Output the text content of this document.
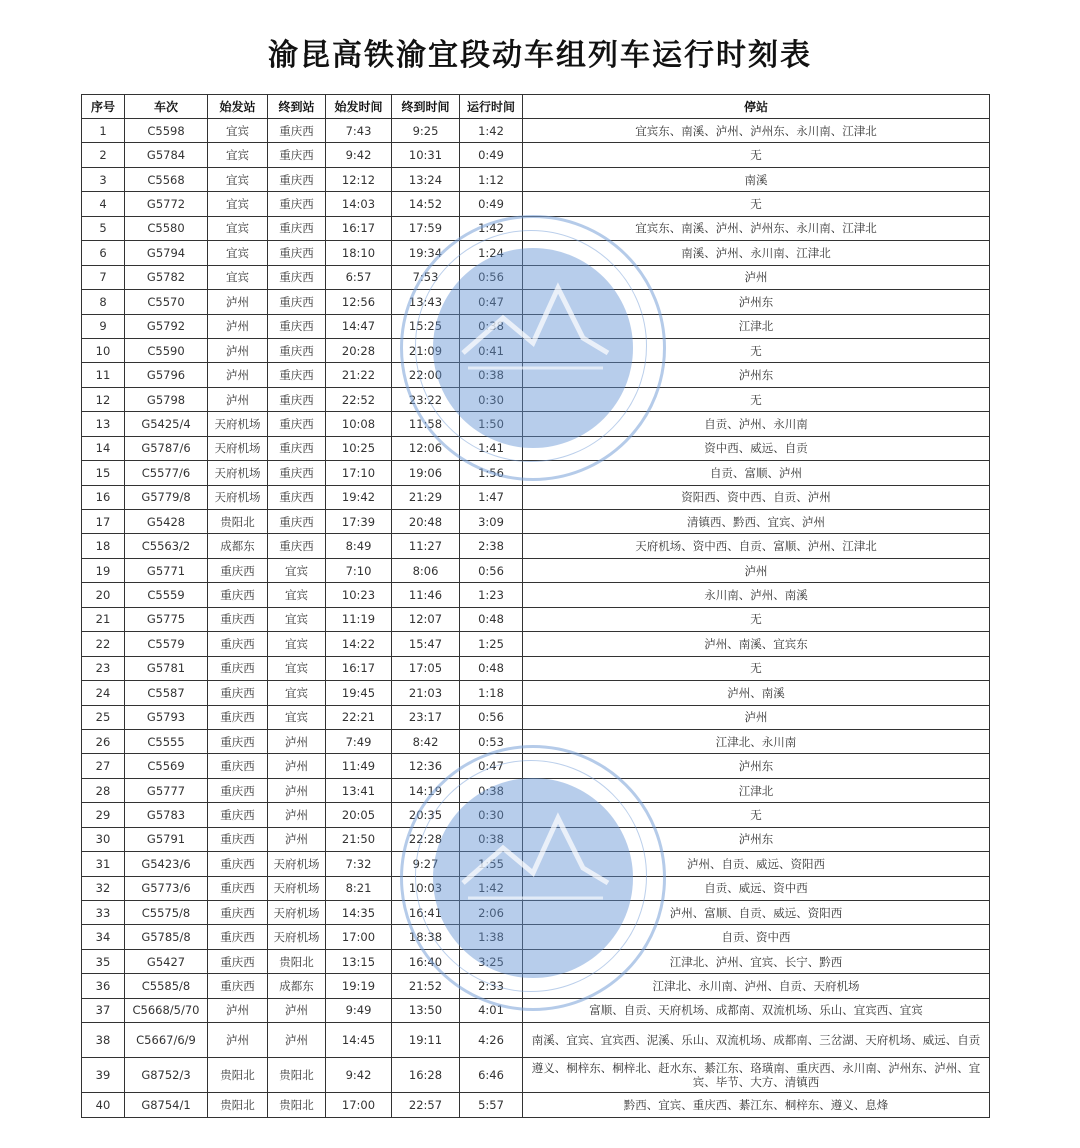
渝昆高铁渝宜段动车组列车运行时刻表
序号	车次	始发站	终到站	始发时间	终到时间	运行时间	停站
1	C5598	宜宾	重庆西	7:43	9:25	1:42	宜宾东、南溪、泸州、泸州东、永川南、江津北
2	G5784	宜宾	重庆西	9:42	10:31	0:49	无
3	C5568	宜宾	重庆西	12:12	13:24	1:12	南溪
4	G5772	宜宾	重庆西	14:03	14:52	0:49	无
5	C5580	宜宾	重庆西	16:17	17:59	1:42	宜宾东、南溪、泸州、泸州东、永川南、江津北
6	G5794	宜宾	重庆西	18:10	19:34	1:24	南溪、泸州、永川南、江津北
7	G5782	宜宾	重庆西	6:57	7:53	0:56	泸州
8	C5570	泸州	重庆西	12:56	13:43	0:47	泸州东
9	G5792	泸州	重庆西	14:47	15:25	0:38	江津北
10	C5590	泸州	重庆西	20:28	21:09	0:41	无
11	G5796	泸州	重庆西	21:22	22:00	0:38	泸州东
12	G5798	泸州	重庆西	22:52	23:22	0:30	无
13	G5425/4	天府机场	重庆西	10:08	11:58	1:50	自贡、泸州、永川南
14	G5787/6	天府机场	重庆西	10:25	12:06	1:41	资中西、威远、自贡
15	C5577/6	天府机场	重庆西	17:10	19:06	1:56	自贡、富顺、泸州
16	G5779/8	天府机场	重庆西	19:42	21:29	1:47	资阳西、资中西、自贡、泸州
17	G5428	贵阳北	重庆西	17:39	20:48	3:09	清镇西、黔西、宜宾、泸州
18	C5563/2	成都东	重庆西	8:49	11:27	2:38	天府机场、资中西、自贡、富顺、泸州、江津北
19	G5771	重庆西	宜宾	7:10	8:06	0:56	泸州
20	C5559	重庆西	宜宾	10:23	11:46	1:23	永川南、泸州、南溪
21	G5775	重庆西	宜宾	11:19	12:07	0:48	无
22	C5579	重庆西	宜宾	14:22	15:47	1:25	泸州、南溪、宜宾东
23	G5781	重庆西	宜宾	16:17	17:05	0:48	无
24	C5587	重庆西	宜宾	19:45	21:03	1:18	泸州、南溪
25	G5793	重庆西	宜宾	22:21	23:17	0:56	泸州
26	C5555	重庆西	泸州	7:49	8:42	0:53	江津北、永川南
27	C5569	重庆西	泸州	11:49	12:36	0:47	泸州东
28	G5777	重庆西	泸州	13:41	14:19	0:38	江津北
29	G5783	重庆西	泸州	20:05	20:35	0:30	无
30	G5791	重庆西	泸州	21:50	22:28	0:38	泸州东
31	G5423/6	重庆西	天府机场	7:32	9:27	1:55	泸州、自贡、威远、资阳西
32	G5773/6	重庆西	天府机场	8:21	10:03	1:42	自贡、威远、资中西
33	C5575/8	重庆西	天府机场	14:35	16:41	2:06	泸州、富顺、自贡、威远、资阳西
34	G5785/8	重庆西	天府机场	17:00	18:38	1:38	自贡、资中西
35	G5427	重庆西	贵阳北	13:15	16:40	3:25	江津北、泸州、宜宾、长宁、黔西
36	C5585/8	重庆西	成都东	19:19	21:52	2:33	江津北、永川南、泸州、自贡、天府机场
37	C5668/5/70	泸州	泸州	9:49	13:50	4:01	富顺、自贡、天府机场、成都南、双流机场、乐山、宜宾西、宜宾
38	C5667/6/9	泸州	泸州	14:45	19:11	4:26	南溪、宜宾、宜宾西、泥溪、乐山、双流机场、成都南、三岔湖、天府机场、威远、自贡
39	G8752/3	贵阳北	贵阳北	9:42	16:28	6:46	遵义、桐梓东、桐梓北、赶水东、綦江东、珞璜南、重庆西、永川南、泸州东、泸州、宜宾、毕节、大方、清镇西
40	G8754/1	贵阳北	贵阳北	17:00	22:57	5:57	黔西、宜宾、重庆西、綦江东、桐梓东、遵义、息烽
